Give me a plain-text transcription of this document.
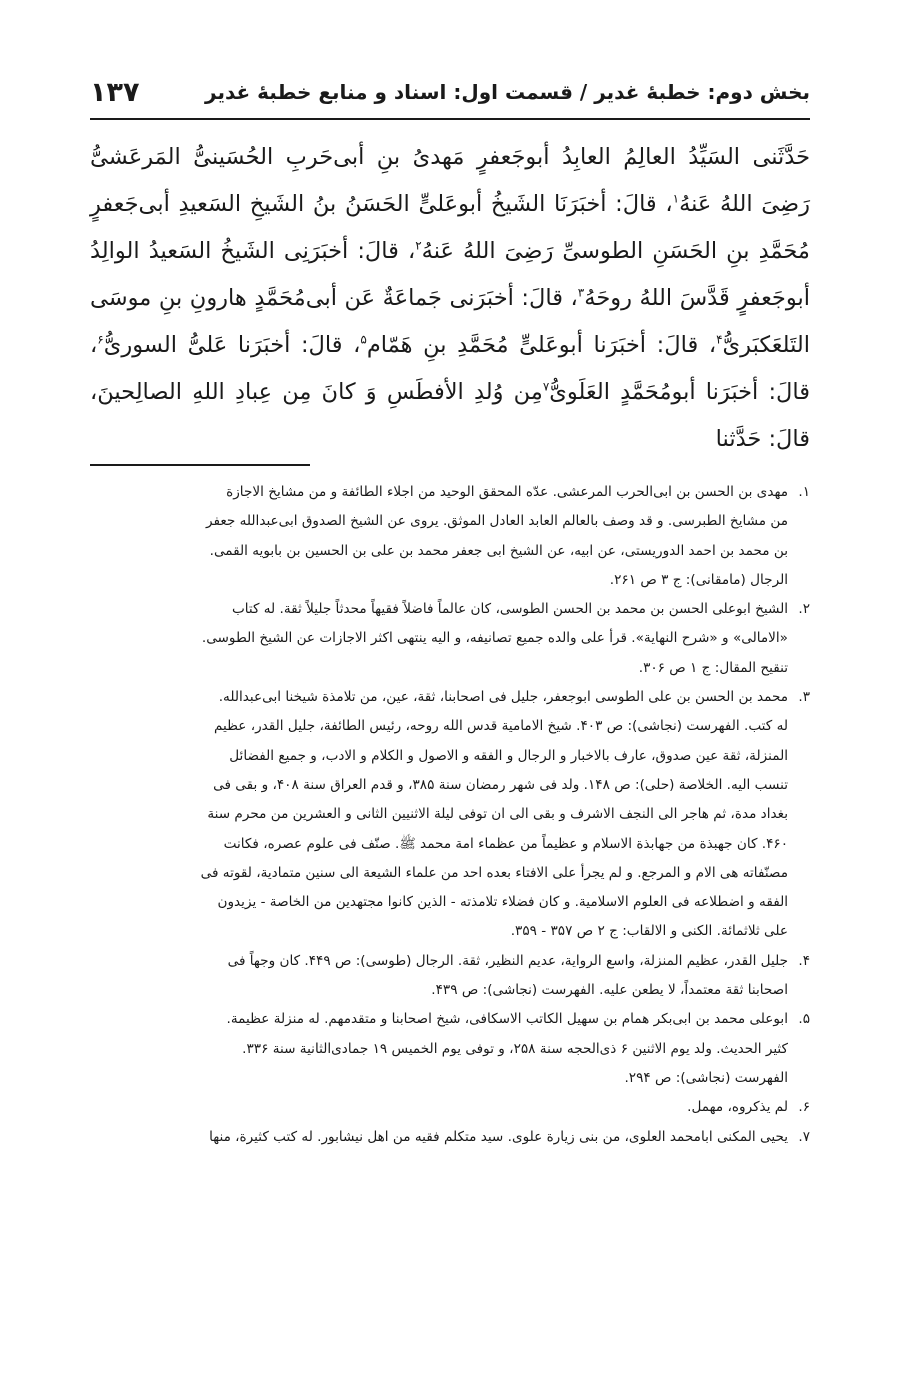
بخش دوم: خطبهٔ غدیر / قسمت اول: اسناد و منابع خطبهٔ غدیر
۱۳۷

حَدَّثَنی السَیِّدُ العالِمُ العابِدُ أبوجَعفرٍ مَهدیُ بنِ أبی‌حَربِ الحُسَینیُّ المَرعَشیُّ رَضِیَ اللهُ عَنهُ$^۱$، قالَ: أخبَرَنَا الشَیخُ أبوعَلیٍّ الحَسَنُ بنُ الشَیخِ السَعیدِ أبی‌جَعفرٍ مُحَمَّدِ بنِ الحَسَنِ الطوسیِّ رَضِیَ اللهُ عَنهُ$^۲$، قالَ: أخبَرَنِی الشَیخُ السَعیدُ الوالِدُ أبوجَعفرٍ قَدَّسَ اللهُ روحَهُ$^۳$، قالَ: أخبَرَنی جَماعَةٌ عَن أبی‌مُحَمَّدٍ هارونِ بنِ موسَی التَلعَکبَریُّ$^۴$، قالَ: أخبَرَنا أبوعَلیٍّ مُحَمَّدِ بنِ هَمّام$^۵$، قالَ: أخبَرَنا عَلیُّ السوریُّ$^۶$، قالَ: أخبَرَنا أبومُحَمَّدٍ العَلَویُّ$^۷$مِن وُلدِ الأفطَسِ وَ کانَ مِن عِبادِ اللهِ الصالِحینَ، قالَ: حَدَّثنا

۱.
مهدی بن الحسن بن ابی‌الحرب المرعشی. عدّه المحقق الوحید من اجلاء الطائفة و من مشایخ الاجازة
من مشایخ الطبرسی. و قد وصف بالعالم العابد العادل الموثق. یروی عن الشیخ الصدوق ابی‌عبدالله جعفر
بن محمد بن احمد الدوریستی، عن ابیه، عن الشیخ ابی جعفر محمد بن علی بن الحسین بن بابویه القمی.
الرجال (مامقانی): ج ۳ ص ۲۶۱.
۲.
الشیخ ابوعلی الحسن بن محمد بن الحسن الطوسی، کان عالماً فاضلاً فقیهاً محدثاً جلیلاً ثقة. له کتاب
«الامالی» و «شرح النهایة». قرأ علی والده جمیع تصانیفه، و الیه ینتهی اکثر الاجازات عن الشیخ الطوسی.
تنقیح المقال: ج ۱ ص ۳۰۶.
۳.
محمد بن الحسن بن علی الطوسی ابوجعفر، جلیل فی اصحابنا، ثقة، عین، من تلامذة شیخنا ابی‌عبدالله.
له کتب. الفهرست (نجاشی): ص ۴۰۳. شیخ الامامیة قدس الله روحه، رئیس الطائفة، جلیل القدر، عظیم
المنزلة، ثقة عین صدوق، عارف بالاخبار و الرجال و الفقه و الاصول و الکلام و الادب، و جمیع الفضائل
تنسب الیه. الخلاصة (حلی): ص ۱۴۸. ولد فی شهر رمضان سنة ۳۸۵، و قدم العراق سنة ۴۰۸، و بقی فی
بغداد مدة، ثم هاجر الی النجف الاشرف و بقی الی ان توفی لیلة الاثنیین الثانی و العشرین من محرم سنة
۴۶۰. کان جهبذة من جهابذة الاسلام و عظیماً من عظماء امة محمد ﷺ. صنّف فی علوم عصره، فکانت
مصنّفاته هی الام و المرجع. و لم یجرأ علی الافتاء بعده احد من علماء الشیعة الی سنین متمادیة، لقوته فی
الفقه و اضطلاعه فی العلوم الاسلامیة. و کان فضلاء تلامذته - الذین کانوا مجتهدین من الخاصة - یزیدون
علی ثلاثمائة. الکنی و الالقاب: ج ۲ ص ۳۵۷ - ۳۵۹.
۴.
جلیل القدر، عظیم المنزلة، واسع الروایة، عدیم النظیر، ثقة. الرجال (طوسی): ص ۴۴۹. کان وجهاً فی
اصحابنا ثقة معتمداً، لا یطعن علیه. الفهرست (نجاشی): ص ۴۳۹.
۵.
ابوعلی محمد بن ابی‌بکر همام بن سهیل الکاتب الاسکافی، شیخ اصحابنا و متقدمهم. له منزلة عظیمة.
کثیر الحدیث. ولد یوم الاثنین ۶ ذی‌الحجه سنة ۲۵۸، و توفی یوم الخمیس ۱۹ جمادی‌الثانیة سنة ۳۳۶.
الفهرست (نجاشی): ص ۲۹۴.
۶.
لم یذکروه، مهمل.
۷.
یحیی المکنی ابامحمد العلوی، من بنی زیارة علوی. سید متکلم فقیه من اهل نیشابور. له کتب کثیرة، منها
